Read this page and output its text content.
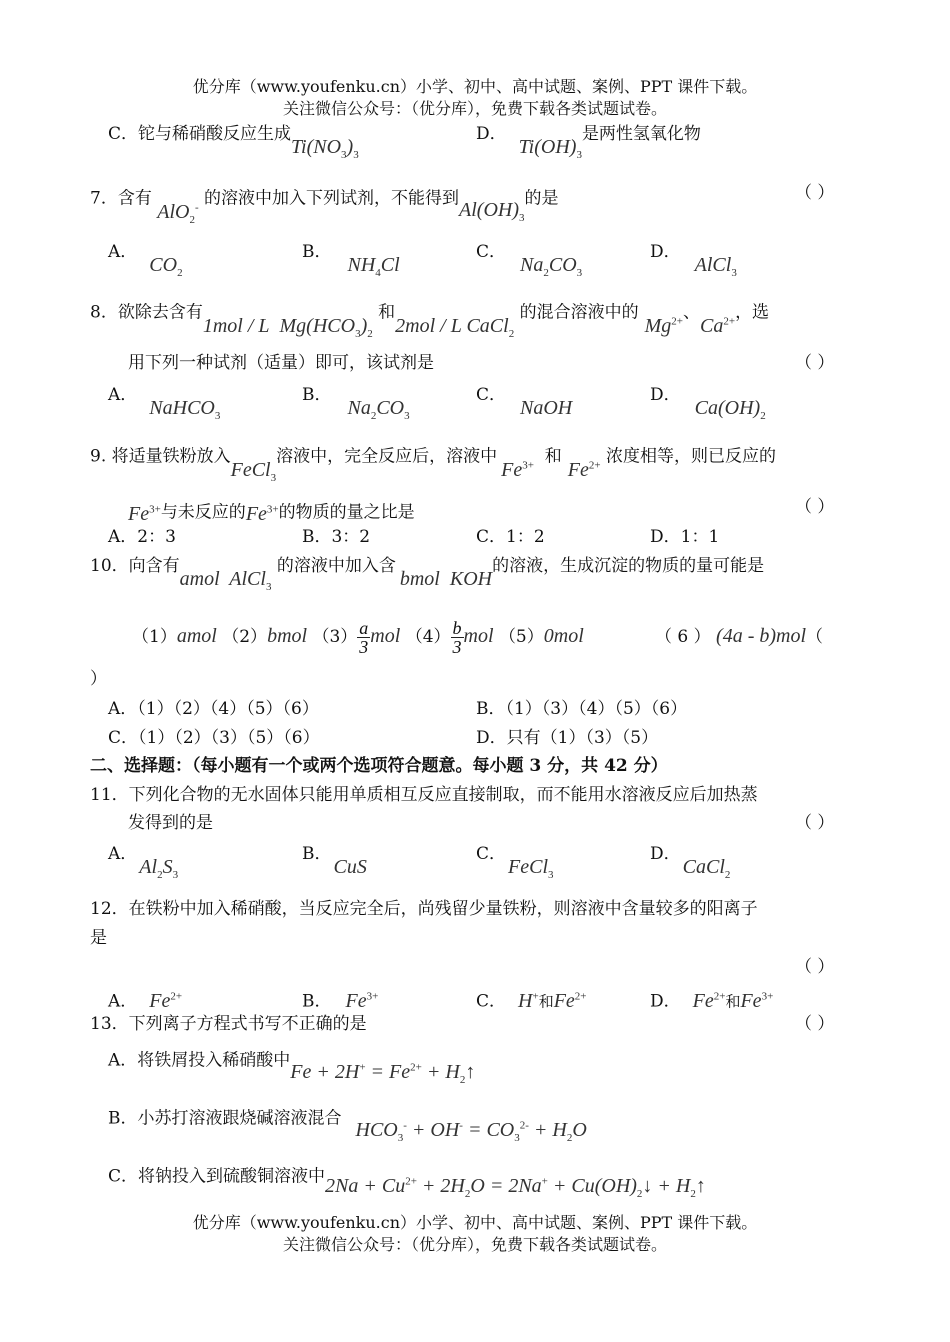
优分库（www.youfenku.cn）小学、初中、高中试题、案例、PPT 课件下载。
关注微信公众号：（优分库），免费下载各类试题试卷。
C．铊与稀硝酸反应生成$Ti(NO_3)_3$
D．$Ti(OH)_3$是两性氢氧化物
7．含有 AlO$_2$- 的溶液中加入下列试剂，不能得到$Al(OH)_3$的是	（ ）
A．$CO_2$
B．$NH_4Cl$
C．$Na_2CO_3$
D．AlCl$_3$
8．欲除去含有1mol / L  $Mg(HCO_3)_2$ 和2mol / L CaCl$_2$ 的混合溶液中的$Mg^{2+}$、$Ca^{2+}$，选
用下列一种试剂（适量）即可，该试剂是	（ ）
A．NaHCO$_3$
B．$Na_2CO_3$
C．NaOH
D．$Ca(OH)_2$
9. 将适量铁粉放入FeCl$_3$溶液中，完全反应后，溶液中$Fe^{3+}$ 和$Fe^{2+}$ 浓度相等，则已反应的
$Fe^{3+}$与未反应的$Fe^{3+}$的物质的量之比是	（ ）
A．2：3	B．3：2	C．1：2	D．1：1
10．向含有amol  AlCl$_3$ 的溶液中加入含bmol  KOH的溶液，生成沉淀的物质的量可能是
（1）amol （2）bmol $(3) \frac{a}{3}$ mol $(4) \frac{b}{3}$ mol （5）0mol	（ 6 ） (4a - b)mol（
）
A．（1）（2）（4）（5）（6）	B．（1）（3）（4）（5）（6）
C．（1）（2）（3）（5）（6）	D．只有（1）（3）（5）
二、选择题：（每小题有一个或两个选项符合题意。每小题 3 分，共 42 分）
11．下列化合物的无水固体只能用单质相互反应直接制取，而不能用水溶液反应后加热蒸
发得到的是	（ ）
A．$Al_2S_3$
B．CuS
C．FeCl$_3$
D．CaCl$_2$
12．在铁粉中加入稀硝酸，当反应完全后，尚残留少量铁粉，则溶液中含量较多的阳离子
是
（ ）
A． $Fe^{2+}$	B． $Fe^{3+}$	C． H+和$Fe^{2+}$	D． $Fe^{2+}$和$Fe^{3+}$
13．下列离子方程式书写不正确的是	（ ）
A．将铁屑投入稀硝酸中$Fe + 2H^+ = Fe^{2+}$ + $H_2↑$
B．小苏打溶液跟烧碱溶液混合 $HCO_3^- + OH^- = CO_3^{2-} + H_2O$
C．将钠投入到硫酸铜溶液中$2Na + Cu^{2+} + 2H_2O = 2Na^+$ + $Cu(OH)_2↓$ + $H_2↑$
优分库（www.youfenku.cn）小学、初中、高中试题、案例、PPT 课件下载。
关注微信公众号：（优分库），免费下载各类试题试卷。
